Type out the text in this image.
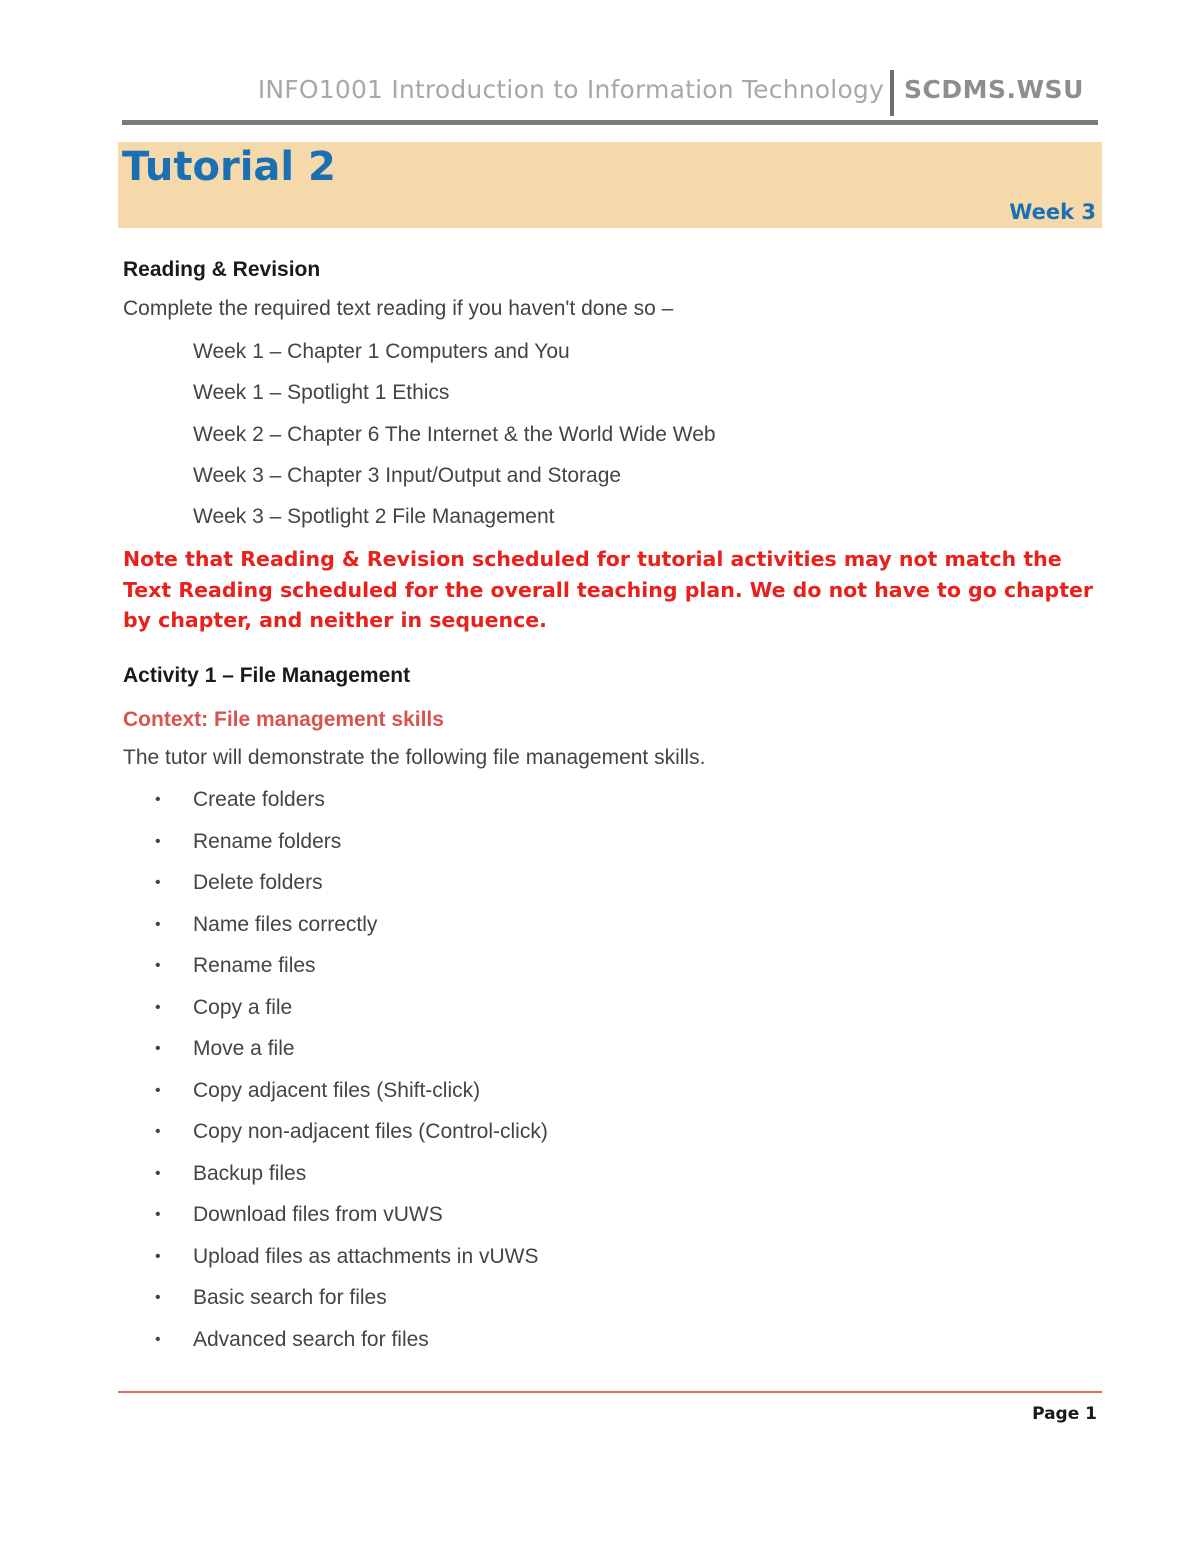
INFO1001 Introduction to Information Technology SCDMS.WSU
Tutorial 2
Week 3
Reading & Revision
Complete the required text reading if you haven't done so –
Week 1 – Chapter 1 Computers and You
Week 1 – Spotlight 1 Ethics
Week 2 – Chapter 6 The Internet & the World Wide Web
Week 3 – Chapter 3 Input/Output and Storage
Week 3 – Spotlight 2 File Management
Note that Reading & Revision scheduled for tutorial activities may not match the Text Reading scheduled for the overall teaching plan. We do not have to go chapter by chapter, and neither in sequence.
Activity 1 – File Management
Context: File management skills
The tutor will demonstrate the following file management skills.
• Create folders
• Rename folders
• Delete folders
• Name files correctly
• Rename files
• Copy a file
• Move a file
• Copy adjacent files (Shift-click)
• Copy non-adjacent files (Control-click)
• Backup files
• Download files from vUWS
• Upload files as attachments in vUWS
• Basic search for files
• Advanced search for files
Page 1
